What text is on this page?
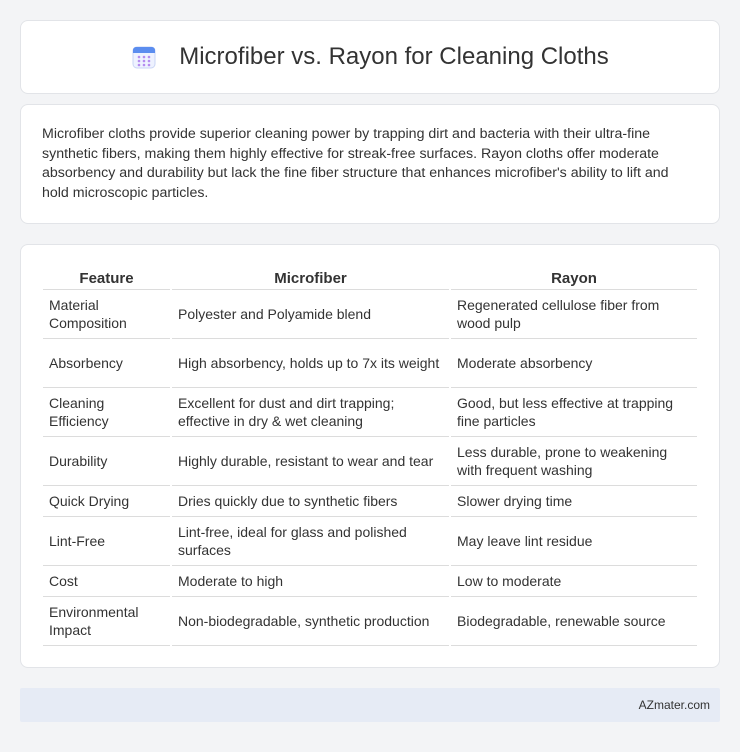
Microfiber vs. Rayon for Cleaning Cloths

Microfiber cloths provide superior cleaning power by trapping dirt and bacteria with their ultra-fine synthetic fibers, making them highly effective for streak-free surfaces. Rayon cloths offer moderate absorbency and durability but lack the fine fiber structure that enhances microfiber's ability to lift and hold microscopic particles.

Feature	Microfiber	Rayon
Material Composition	Polyester and Polyamide blend	Regenerated cellulose fiber from wood pulp
Absorbency	High absorbency, holds up to 7x its weight	Moderate absorbency
Cleaning Efficiency	Excellent for dust and dirt trapping; effective in dry & wet cleaning	Good, but less effective at trapping fine particles
Durability	Highly durable, resistant to wear and tear	Less durable, prone to weakening with frequent washing
Quick Drying	Dries quickly due to synthetic fibers	Slower drying time
Lint-Free	Lint-free, ideal for glass and polished surfaces	May leave lint residue
Cost	Moderate to high	Low to moderate
Environmental Impact	Non-biodegradable, synthetic production	Biodegradable, renewable source
AZmater.com
